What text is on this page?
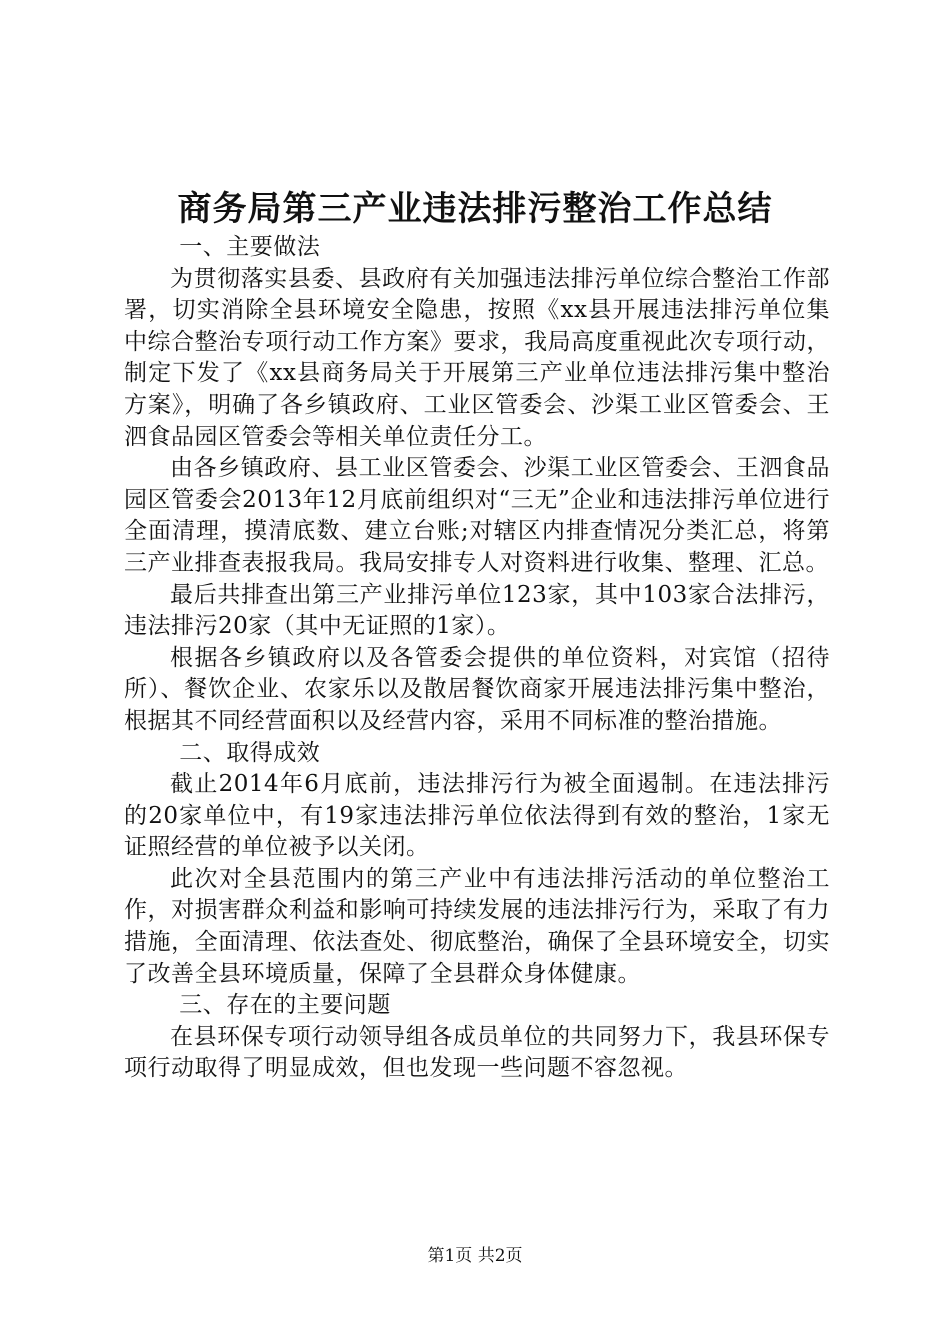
商务局第三产业违法排污整治工作总结

一、主要做法

为贯彻落实县委、县政府有关加强违法排污单位综合整治工作部署，切实消除全县环境安全隐患，按照《xx县开展违法排污单位集中综合整治专项行动工作方案》要求，我局高度重视此次专项行动，制定下发了《xx县商务局关于开展第三产业单位违法排污集中整治方案》，明确了各乡镇政府、工业区管委会、沙渠工业区管委会、王泗食品园区管委会等相关单位责任分工。

由各乡镇政府、县工业区管委会、沙渠工业区管委会、王泗食品园区管委会2013年12月底前组织对“三无”企业和违法排污单位进行全面清理，摸清底数、建立台账;对辖区内排查情况分类汇总，将第三产业排查表报我局。我局安排专人对资料进行收集、整理、汇总。

最后共排查出第三产业排污单位123家，其中103家合法排污，违法排污20家（其中无证照的1家）。

根据各乡镇政府以及各管委会提供的单位资料，对宾馆（招待所）、餐饮企业、农家乐以及散居餐饮商家开展违法排污集中整治，根据其不同经营面积以及经营内容，采用不同标准的整治措施。

二、取得成效

截止2014年6月底前，违法排污行为被全面遏制。在违法排污的20家单位中，有19家违法排污单位依法得到有效的整治，1家无证照经营的单位被予以关闭。

此次对全县范围内的第三产业中有违法排污活动的单位整治工作，对损害群众利益和影响可持续发展的违法排污行为，采取了有力措施，全面清理、依法查处、彻底整治，确保了全县环境安全，切实了改善全县环境质量，保障了全县群众身体健康。

三、存在的主要问题

在县环保专项行动领导组各成员单位的共同努力下，我县环保专项行动取得了明显成效，但也发现一些问题不容忽视。

第1页 共2页
